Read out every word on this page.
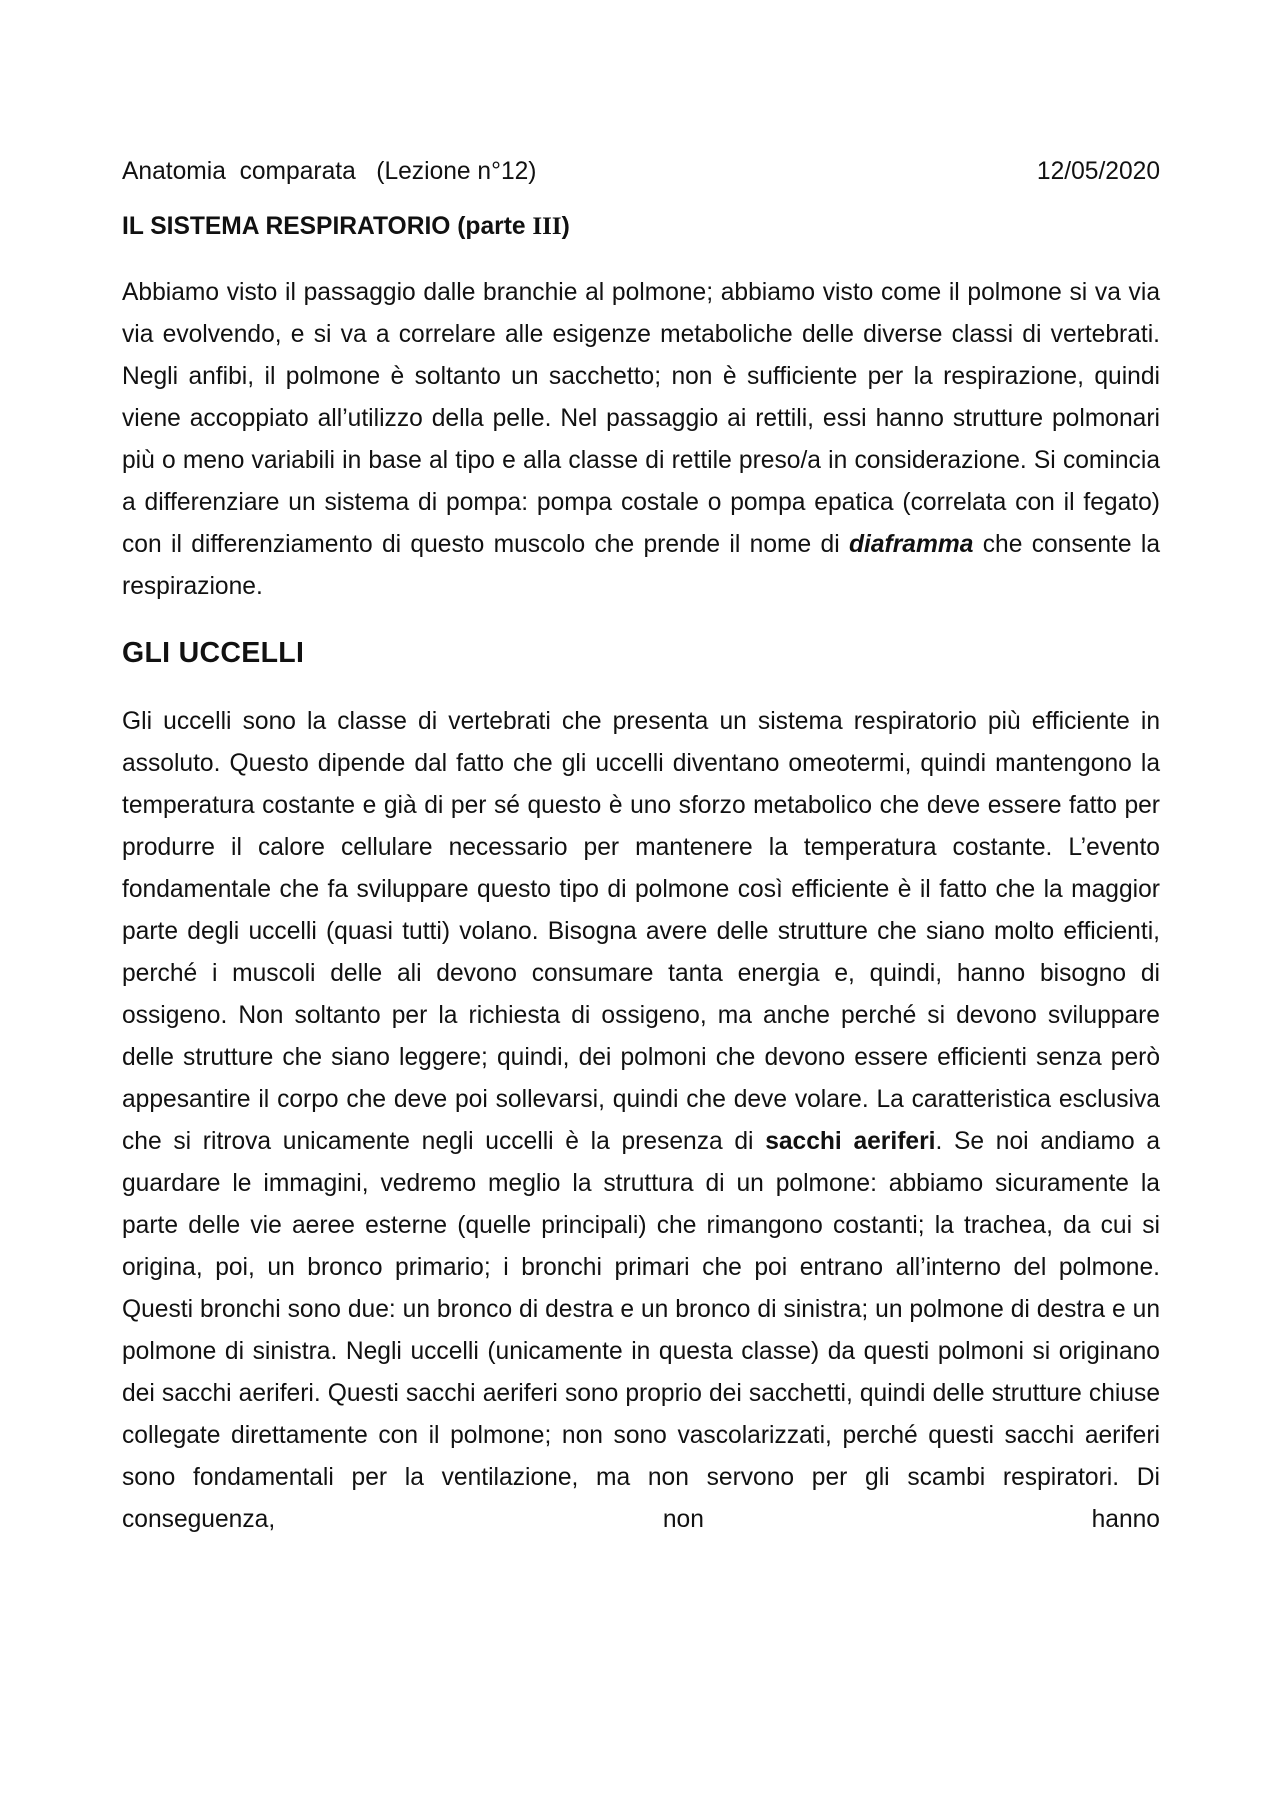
Anatomia  comparata   (Lezione n°12)	12/05/2020
IL SISTEMA RESPIRATORIO (parte III)

Abbiamo visto il passaggio dalle branchie al polmone; abbiamo visto come il polmone si va via via evolvendo, e si va a correlare alle esigenze metaboliche delle diverse classi di vertebrati. Negli anfibi, il polmone è soltanto un sacchetto; non è sufficiente per la respirazione, quindi viene accoppiato all’utilizzo della pelle. Nel passaggio ai rettili, essi hanno strutture polmonari più o meno variabili in base al tipo e alla classe di rettile preso/a in considerazione. Si comincia a differenziare un sistema di pompa: pompa costale o pompa epatica (correlata con il fegato) con il differenziamento di questo muscolo che prende il nome di diaframma che consente la respirazione.

GLI UCCELLI

Gli uccelli sono la classe di vertebrati che presenta un sistema respiratorio più efficiente in assoluto. Questo dipende dal fatto che gli uccelli diventano omeotermi, quindi mantengono la temperatura costante e già di per sé questo è uno sforzo metabolico che deve essere fatto per produrre il calore cellulare necessario per mantenere la temperatura costante. L’evento fondamentale che fa sviluppare questo tipo di polmone così efficiente è il fatto che la maggior parte degli uccelli (quasi tutti) volano. Bisogna avere delle strutture che siano molto efficienti, perché i muscoli delle ali devono consumare tanta energia e, quindi, hanno bisogno di ossigeno. Non soltanto per la richiesta di ossigeno, ma anche perché si devono sviluppare delle strutture che siano leggere; quindi, dei polmoni che devono essere efficienti senza però appesantire il corpo che deve poi sollevarsi, quindi che deve volare. La caratteristica esclusiva che si ritrova unicamente negli uccelli è la presenza di sacchi aeriferi. Se noi andiamo a guardare le immagini, vedremo meglio la struttura di un polmone: abbiamo sicuramente la parte delle vie aeree esterne (quelle principali) che rimangono costanti; la trachea, da cui si origina, poi, un bronco primario; i bronchi primari che poi entrano all’interno del polmone. Questi bronchi sono due: un bronco di destra e un bronco di sinistra; un polmone di destra e un polmone di sinistra. Negli uccelli (unicamente in questa classe) da questi polmoni si originano dei sacchi aeriferi. Questi sacchi aeriferi sono proprio dei sacchetti, quindi delle strutture chiuse collegate direttamente con il polmone; non sono vascolarizzati, perché questi sacchi aeriferi sono fondamentali per la ventilazione, ma non servono per gli scambi respiratori. Di conseguenza, non hanno
